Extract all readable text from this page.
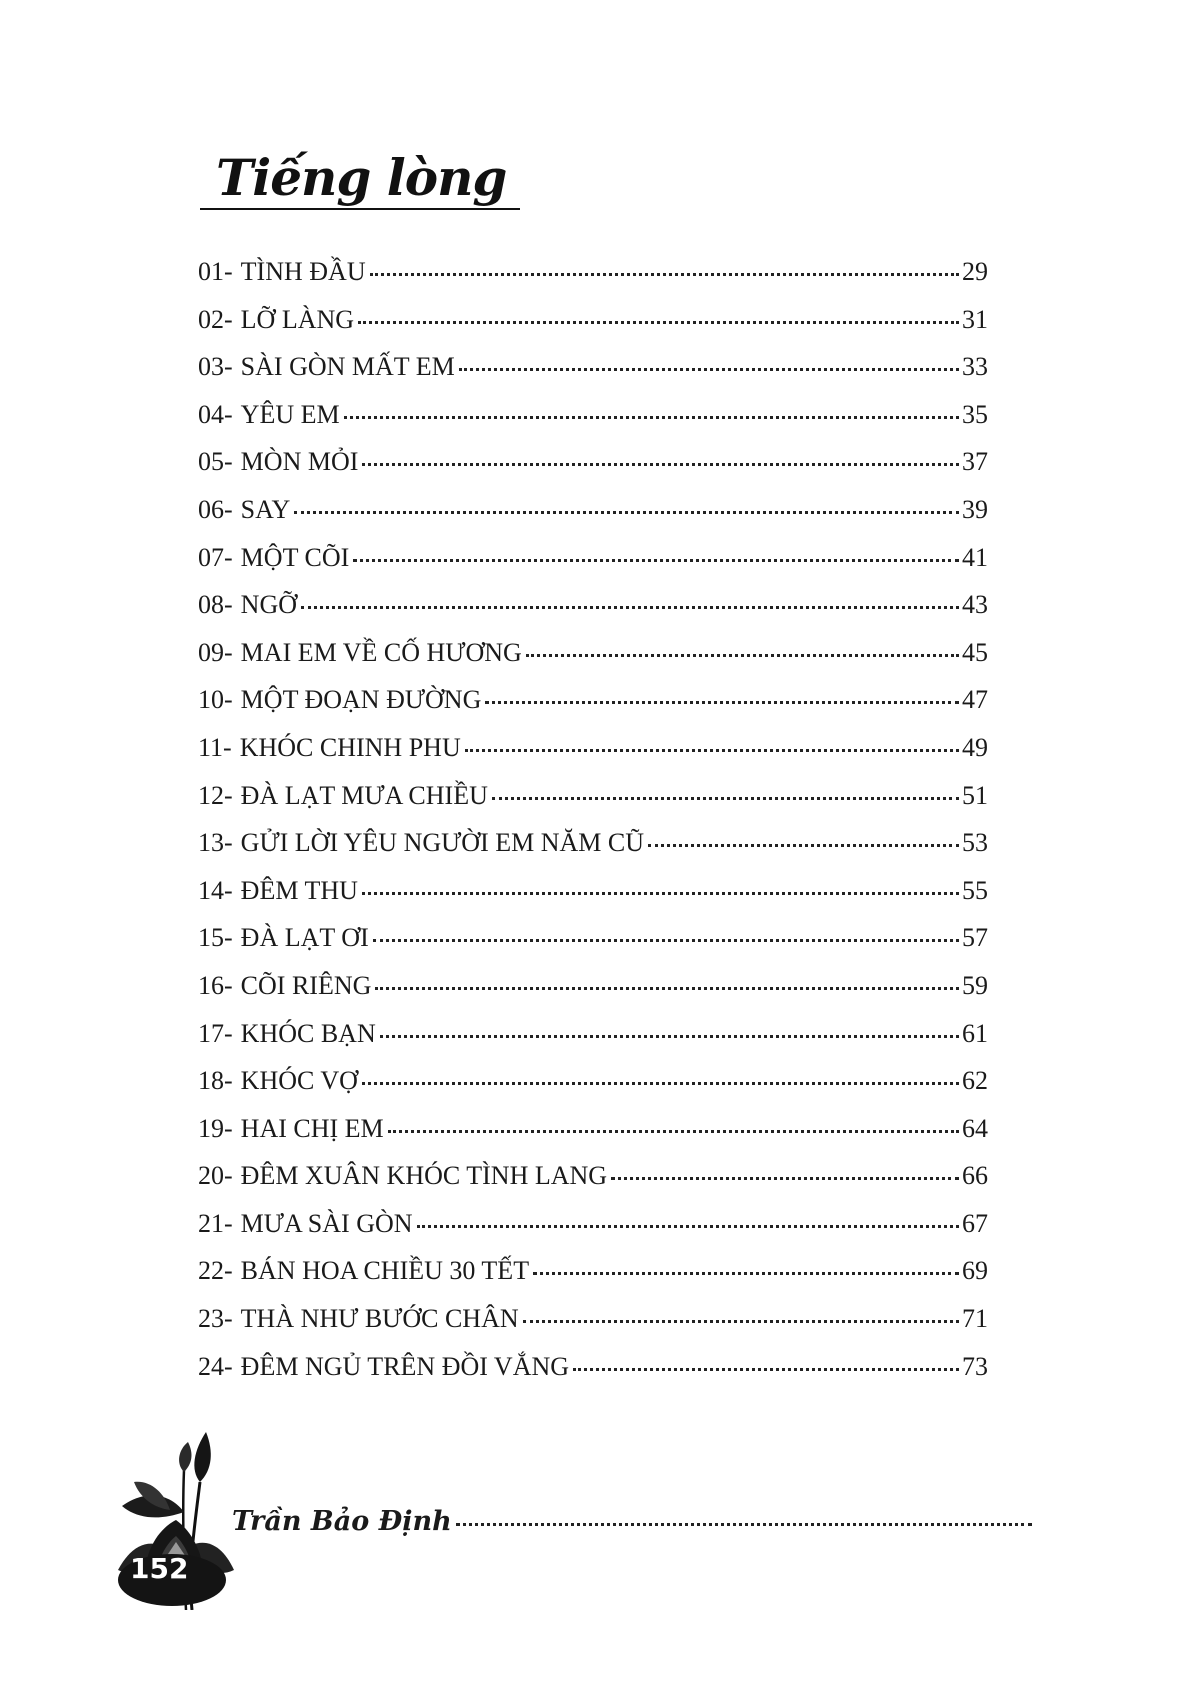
Tiếng lòng
01- TÌNH ĐẦU	29
02- LỠ LÀNG	31
03- SÀI GÒN MẤT EM	33
04- YÊU EM	35
05- MÒN MỎI	37
06- SAY	39
07- MỘT CÕI	41
08- NGỠ	43
09- MAI EM VỀ CỐ HƯƠNG	45
10- MỘT ĐOẠN ĐƯỜNG	47
11- KHÓC CHINH PHU	49
12- ĐÀ LẠT MƯA CHIỀU	51
13- GỬI LỜI YÊU NGƯỜI EM NĂM CŨ	53
14- ĐÊM THU	55
15- ĐÀ LẠT ƠI	57
16- CÕI RIÊNG	59
17- KHÓC BẠN	61
18- KHÓC VỢ	62
19- HAI CHỊ EM	64
20- ĐÊM XUÂN KHÓC TÌNH LANG	66
21- MƯA SÀI GÒN	67
22- BÁN HOA CHIỀU 30 TẾT	69
23- THÀ NHƯ BƯỚC CHÂN	71
24- ĐÊM NGỦ TRÊN ĐỒI VẮNG	73
152
Trần Bảo Định
